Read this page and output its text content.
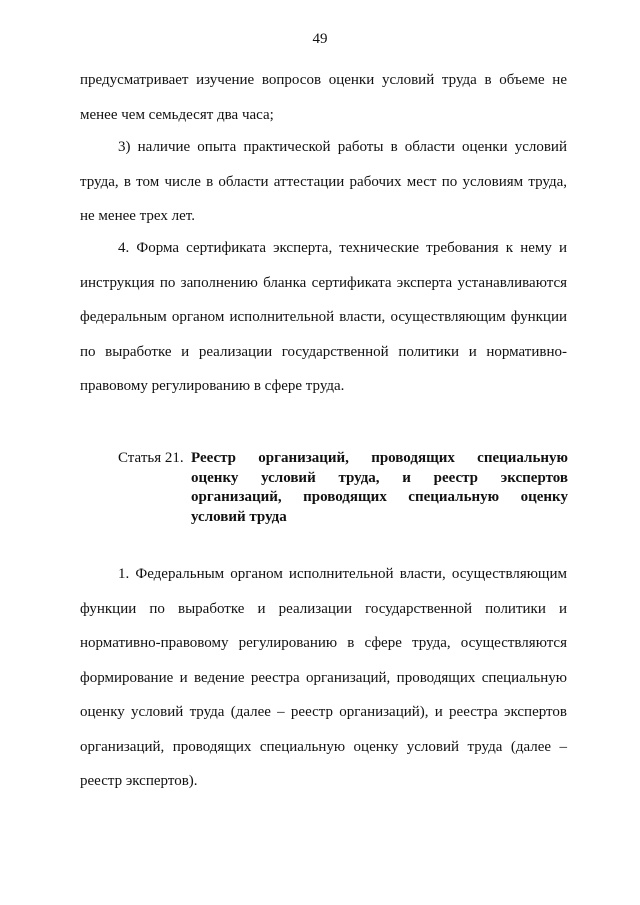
49
предусматривает изучение вопросов оценки условий труда в объеме не
менее чем семьдесят два часа;
3) наличие опыта практической работы в области оценки условий
труда, в том числе в области аттестации рабочих мест по условиям труда,
не менее трех лет.
4. Форма сертификата эксперта, технические требования к нему и
инструкция по заполнению бланка сертификата эксперта устанавливаются
федеральным органом исполнительной власти, осуществляющим функции
по выработке и реализации государственной политики и нормативно-
правовому регулированию в сфере труда.
Статья 21. Реестр организаций, проводящих специальную
оценку условий труда, и реестр экспертов
организаций, проводящих специальную оценку
условий труда
1. Федеральным органом исполнительной власти, осуществляющим
функции по выработке и реализации государственной политики и
нормативно-правовому регулированию в сфере труда, осуществляются
формирование и ведение реестра организаций, проводящих специальную
оценку условий труда (далее – реестр организаций), и реестра экспертов
организаций, проводящих специальную оценку условий труда (далее –
реестр экспертов).
